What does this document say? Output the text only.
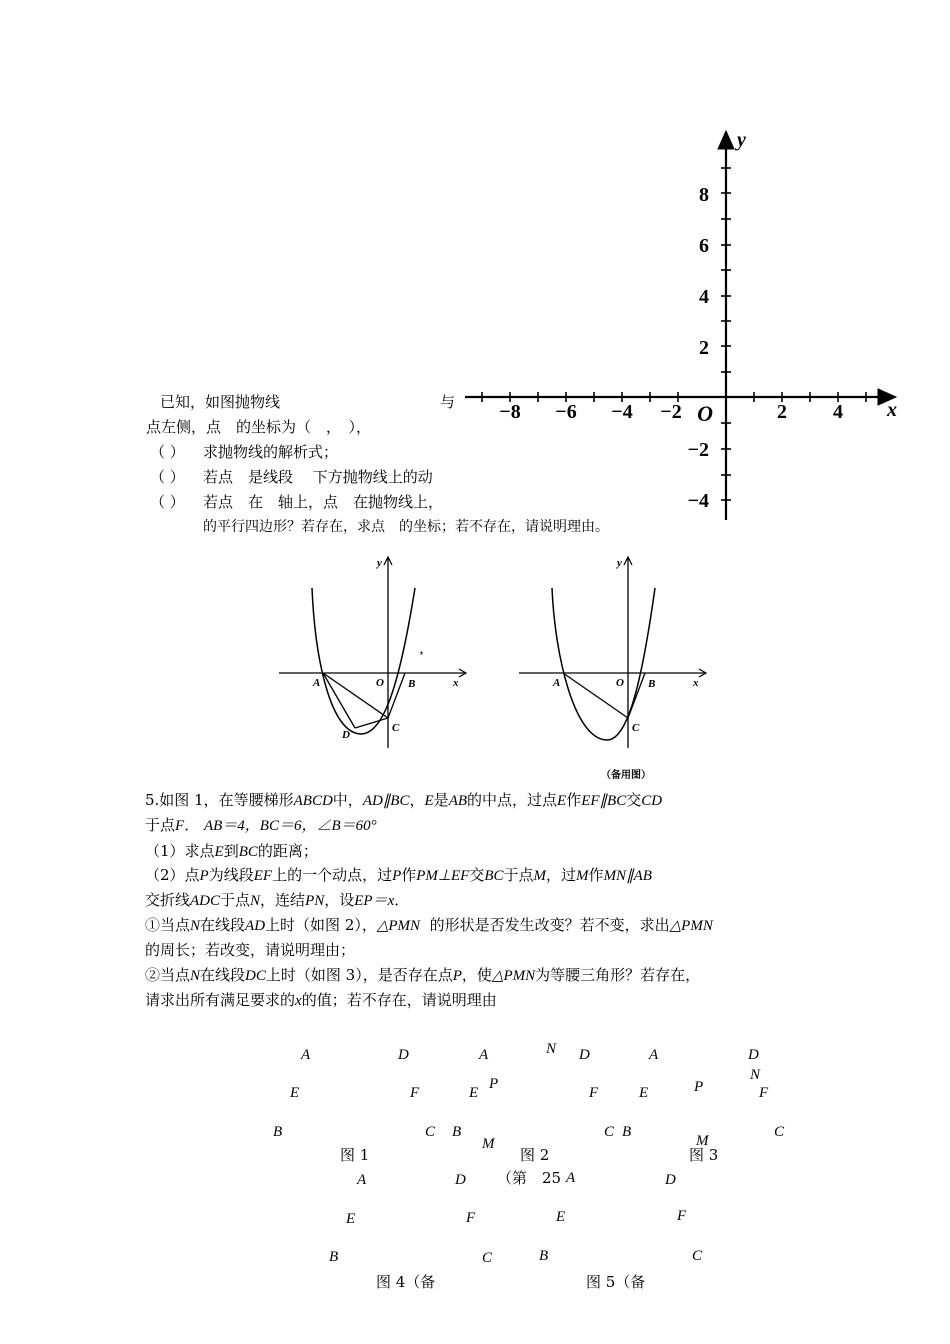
已知，如图抛物线	与
点左侧，点　的坐标为（　，　），
（ ） 求抛物线的解析式；
（ ） 若点　是线段　 下方抛物线上的动
（ ） 若点　在　轴上，点　在抛物线上，
的平行四边形？若存在，求点　的坐标；若不存在，请说明理由。
−8 −6 −4 −2	2 4
8
6
4
2
−2
−4
O	x
y
,
y
x
A	O B
C
D
y
x
A	O B
C
（备用图）
5.如图 1，在等腰梯形ABCD中，AD∥BC，E是AB的中点，过点E作EF∥BC交CD
于点F． AB＝4，BC＝6，∠B＝60°
（1）求点E到BC的距离；
（2）点P为线段EF上的一个动点，过P作PM⊥EF交BC于点M，过M作MN∥AB
交折线ADC于点N，连结PN，设EP＝x．
①当点N在线段AD上时（如图 2），△PMN 的形状是否发生改变？若不变，求出△PMN
的周长；若改变，请说明理由；
②当点N在线段DC上时（如图 3），是否存在点P，使△PMN为等腰三角形？若存在，
请求出所有满足要求的x的值；若不存在，请说明理由
A	D
E	F
B	C
图 1
A	N D
E
P
F
B
M
C
图 2
A	D
N
E	P	F
B
M
C
图 3
A	D （第　25 A	D
E	F	E	F
B	C	B	C
图 4（备	图 5（备
